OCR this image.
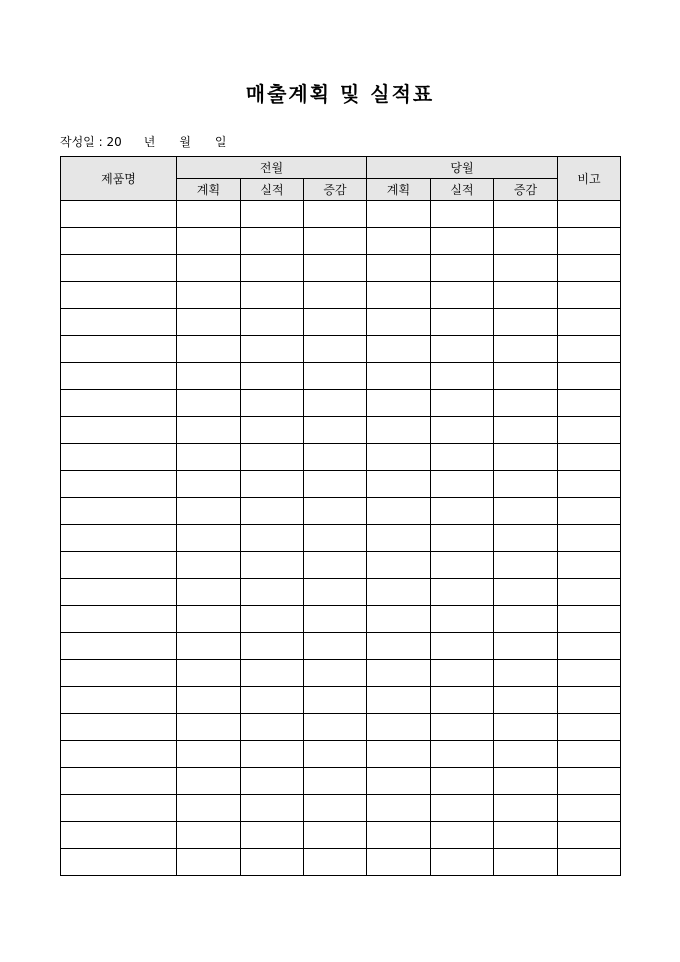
매출계획 및 실적표
작성일 : 20 년 월 일
제품명	전월			당월			비고
	계획	실적	증감	계획	실적	증감	
